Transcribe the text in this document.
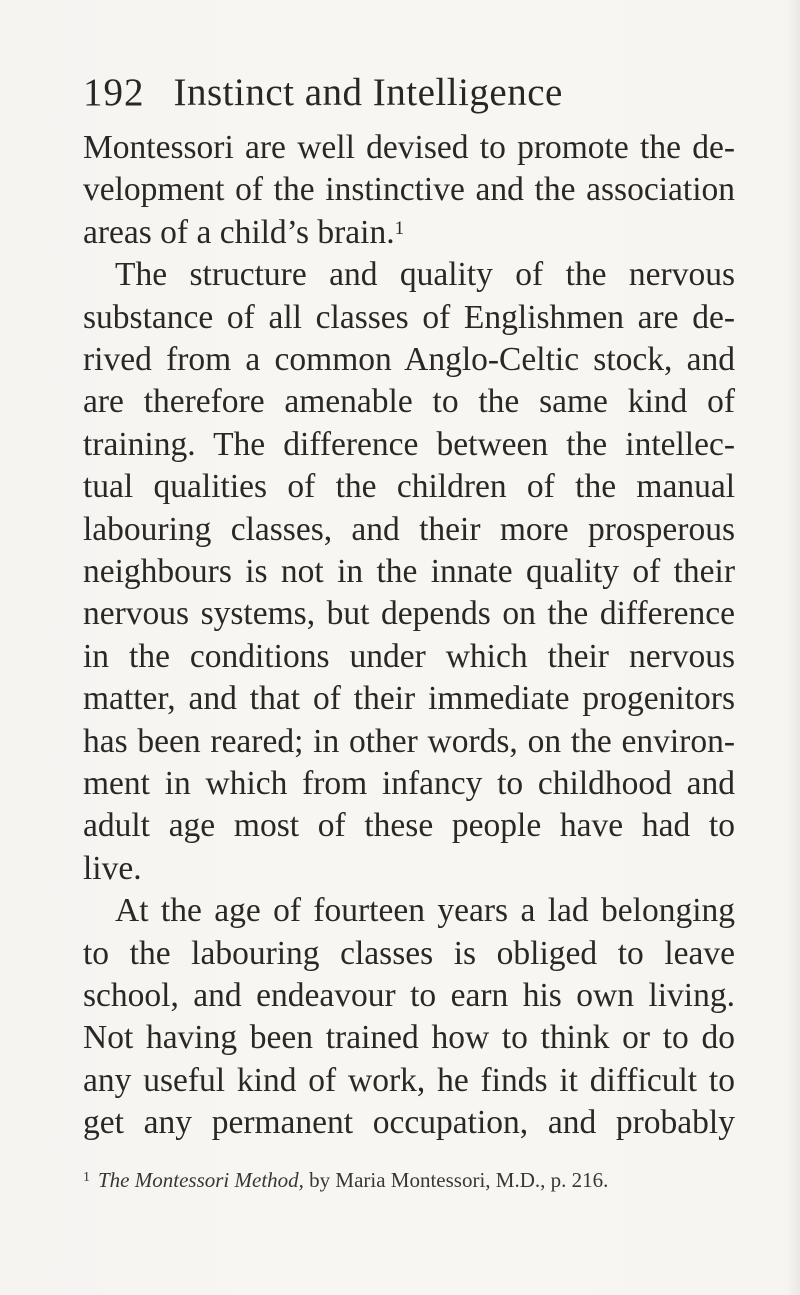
192 Instinct and Intelligence
Montessori are well devised to promote the de-
velopment of the instinctive and the association
areas of a child’s brain.$^1$
The structure and quality of the nervous
substance of all classes of Englishmen are de-
rived from a common Anglo-Celtic stock, and
are therefore amenable to the same kind of
training. The difference between the intellec-
tual qualities of the children of the manual
labouring classes, and their more prosperous
neighbours is not in the innate quality of their
nervous systems, but depends on the difference
in the conditions under which their nervous
matter, and that of their immediate progenitors
has been reared; in other words, on the environ-
ment in which from infancy to childhood and
adult age most of these people have had to
live.
At the age of fourteen years a lad belonging
to the labouring classes is obliged to leave
school, and endeavour to earn his own living.
Not having been trained how to think or to do
any useful kind of work, he finds it difficult to
get any permanent occupation, and probably
$^1$ The Montessori Method, by Maria Montessori, M.D., p. 216.
